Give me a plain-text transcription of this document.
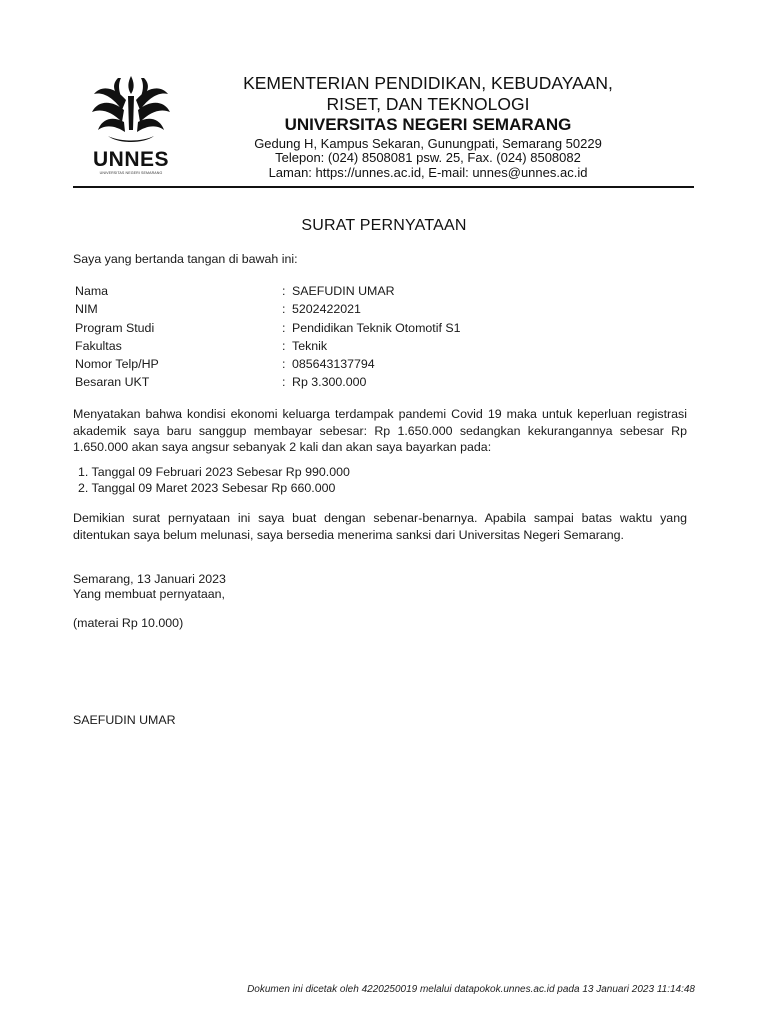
UNNES
UNIVERSITAS NEGERI SEMARANG
KEMENTERIAN PENDIDIKAN, KEBUDAYAAN,
RISET, DAN TEKNOLOGI
UNIVERSITAS NEGERI SEMARANG
Gedung H, Kampus Sekaran, Gunungpati, Semarang 50229
Telepon: (024) 8508081 psw. 25, Fax. (024) 8508082
Laman: https://unnes.ac.id, E-mail: unnes@unnes.ac.id
SURAT PERNYATAAN
Saya yang bertanda tangan di bawah ini:
Nama	: SAEFUDIN UMAR
NIM	: 5202422021
Program Studi	: Pendidikan Teknik Otomotif S1
Fakultas	: Teknik
Nomor Telp/HP	: 085643137794
Besaran UKT	: Rp 3.300.000
Menyatakan bahwa kondisi ekonomi keluarga terdampak pandemi Covid 19 maka untuk keperluan registrasi akademik saya baru sanggup membayar sebesar: Rp 1.650.000 sedangkan kekurangannya sebesar Rp 1.650.000 akan saya angsur sebanyak 2 kali dan akan saya bayarkan pada:
1. Tanggal 09 Februari 2023 Sebesar Rp 990.000
2. Tanggal 09 Maret 2023 Sebesar Rp 660.000
Demikian surat pernyataan ini saya buat dengan sebenar-benarnya. Apabila sampai batas waktu yang ditentukan saya belum melunasi, saya bersedia menerima sanksi dari Universitas Negeri Semarang.
Semarang, 13 Januari 2023
Yang membuat pernyataan,
(materai Rp 10.000)
SAEFUDIN UMAR
Dokumen ini dicetak oleh 4220250019 melalui datapokok.unnes.ac.id pada 13 Januari 2023 11:14:48
